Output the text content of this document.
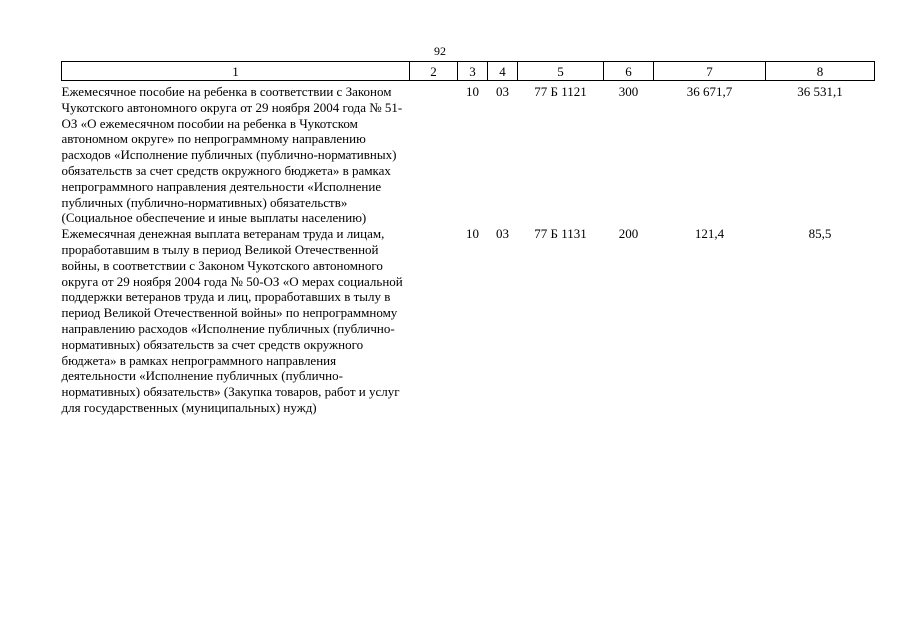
92
1	2	3	4	5	6	7	8
Ежемесячное пособие на ребенка в соответствии с Законом Чукотского автономного округа от 29 ноября 2004 года № 51-ОЗ «О ежемесячном пособии на ребенка в Чукотском автономном округе» по непрограммному направлению расходов «Исполнение публичных (публично-нормативных) обязательств за счет средств окружного бюджета» в рамках непрограммного направления деятельности «Исполнение публичных (публично-нормативных) обязательств» (Социальное обеспечение и иные выплаты населению)		10	03	77 Б 1121	300	36 671,7	36 531,1
Ежемесячная денежная выплата ветеранам труда и лицам, проработавшим в тылу в период Великой Отечественной войны, в соответствии с Законом Чукотского автономного округа от 29 ноября 2004 года № 50-ОЗ «О мерах социальной поддержки ветеранов труда и лиц, проработавших в тылу в период Великой Отечественной войны» по непрограммному направлению расходов «Исполнение публичных (публично-нормативных) обязательств за счет средств окружного бюджета» в рамках непрограммного направления деятельности «Исполнение публичных (публично-нормативных) обязательств» (Закупка товаров, работ и услуг для государственных (муниципальных) нужд)		10	03	77 Б 1131	200	121,4	85,5
